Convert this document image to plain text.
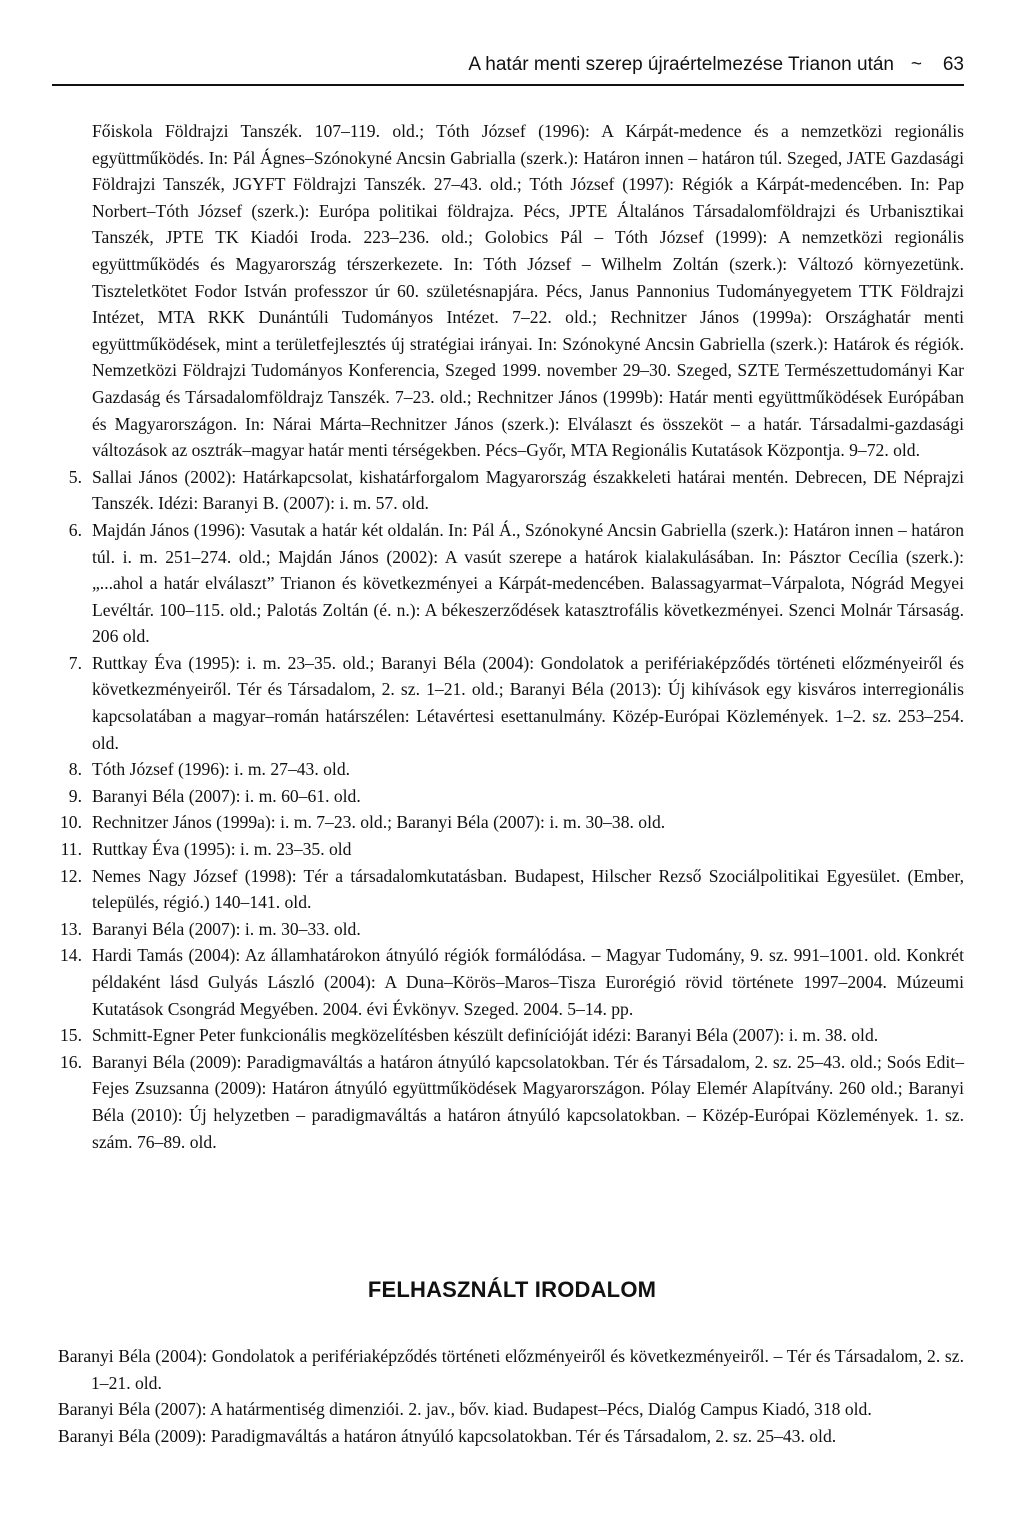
A határ menti szerep újraértelmezése Trianon után ~ 63

Főiskola Földrajzi Tanszék. 107–119. old.; Tóth József (1996): A Kárpát-medence és a nemzetközi regionális együttműködés. In: Pál Ágnes–Szónokyné Ancsin Gabrialla (szerk.): Határon innen – határon túl. Szeged, JATE Gazdasági Földrajzi Tanszék, JGYFT Földrajzi Tanszék. 27–43. old.; Tóth József (1997): Régiók a Kárpát-medencében. In: Pap Norbert–Tóth József (szerk.): Európa politikai földrajza. Pécs, JPTE Általános Társadalomföldrajzi és Urbanisztikai Tanszék, JPTE TK Kiadói Iroda. 223–236. old.; Golobics Pál – Tóth József (1999): A nemzetközi regionális együttműködés és Magyarország térszerkezete. In: Tóth József – Wilhelm Zoltán (szerk.): Változó környezetünk. Tiszteletkötet Fodor István professzor úr 60. születésnapjára. Pécs, Janus Pannonius Tudományegyetem TTK Földrajzi Intézet, MTA RKK Dunántúli Tudományos Intézet. 7–22. old.; Rechnitzer János (1999a): Országhatár menti együttműködések, mint a területfejlesztés új stratégiai irányai. In: Szónokyné Ancsin Gabriella (szerk.): Határok és régiók. Nemzetközi Földrajzi Tudományos Konferencia, Szeged 1999. november 29–30. Szeged, SZTE Természettudományi Kar Gazdaság és Társadalomföldrajz Tanszék. 7–23. old.; Rechnitzer János (1999b): Határ menti együttműködések Európában és Magyarországon. In: Nárai Márta–Rechnitzer János (szerk.): Elválaszt és összeköt – a határ. Társadalmi-gazdasági változások az osztrák–magyar határ menti térségekben. Pécs–Győr, MTA Regionális Kutatások Központja. 9–72. old.

5. Sallai János (2002): Határkapcsolat, kishatárforgalom Magyarország északkeleti határai mentén. Debrecen, DE Néprajzi Tanszék. Idézi: Baranyi B. (2007): i. m. 57. old.

6. Majdán János (1996): Vasutak a határ két oldalán. In: Pál Á., Szónokyné Ancsin Gabriella (szerk.): Határon innen – határon túl. i. m. 251–274. old.; Majdán János (2002): A vasút szerepe a határok kialakulásában. In: Pásztor Cecília (szerk.): „...ahol a határ elválaszt” Trianon és következményei a Kárpát-medencében. Balassagyarmat–Várpalota, Nógrád Megyei Levéltár. 100–115. old.; Palotás Zoltán (é. n.): A békeszerződések katasztrofális következményei. Szenci Molnár Társaság. 206 old.

7. Ruttkay Éva (1995): i. m. 23–35. old.; Baranyi Béla (2004): Gondolatok a perifériaképződés történeti előzményeiről és következményeiről. Tér és Társadalom, 2. sz. 1–21. old.; Baranyi Béla (2013): Új kihívások egy kisváros interregionális kapcsolatában a magyar–román határszélen: Létavértesi esettanulmány. Közép-Európai Közlemények. 1–2. sz. 253–254. old.

8. Tóth József (1996): i. m. 27–43. old.

9. Baranyi Béla (2007): i. m. 60–61. old.

10. Rechnitzer János (1999a): i. m. 7–23. old.; Baranyi Béla (2007): i. m. 30–38. old.

11. Ruttkay Éva (1995): i. m. 23–35. old

12. Nemes Nagy József (1998): Tér a társadalomkutatásban. Budapest, Hilscher Rezső Szociálpolitikai Egyesület. (Ember, település, régió.) 140–141. old.

13. Baranyi Béla (2007): i. m. 30–33. old.

14. Hardi Tamás (2004): Az államhatárokon átnyúló régiók formálódása. – Magyar Tudomány, 9. sz. 991–1001. old. Konkrét példaként lásd Gulyás László (2004): A Duna–Körös–Maros–Tisza Eurorégió rövid története 1997–2004. Múzeumi Kutatások Csongrád Megyében. 2004. évi Évkönyv. Szeged. 2004. 5–14. pp.

15. Schmitt-Egner Peter funkcionális megközelítésben készült definícióját idézi: Baranyi Béla (2007): i. m. 38. old.

16. Baranyi Béla (2009): Paradigmaváltás a határon átnyúló kapcsolatokban. Tér és Társadalom, 2. sz. 25–43. old.; Soós Edit–Fejes Zsuzsanna (2009): Határon átnyúló együttműködések Magyarországon. Pólay Elemér Alapítvány. 260 old.; Baranyi Béla (2010): Új helyzetben – paradigmaváltás a határon átnyúló kapcsolatokban. – Közép-Európai Közlemények. 1. sz. szám. 76–89. old.

FELHASZNÁLT IRODALOM

Baranyi Béla (2004): Gondolatok a perifériaképződés történeti előzményeiről és következményeiről. – Tér és Társadalom, 2. sz. 1–21. old.

Baranyi Béla (2007): A határmentiség dimenziói. 2. jav., bőv. kiad. Budapest–Pécs, Dialóg Campus Kiadó, 318 old.

Baranyi Béla (2009): Paradigmaváltás a határon átnyúló kapcsolatokban. Tér és Társadalom, 2. sz. 25–43. old.
